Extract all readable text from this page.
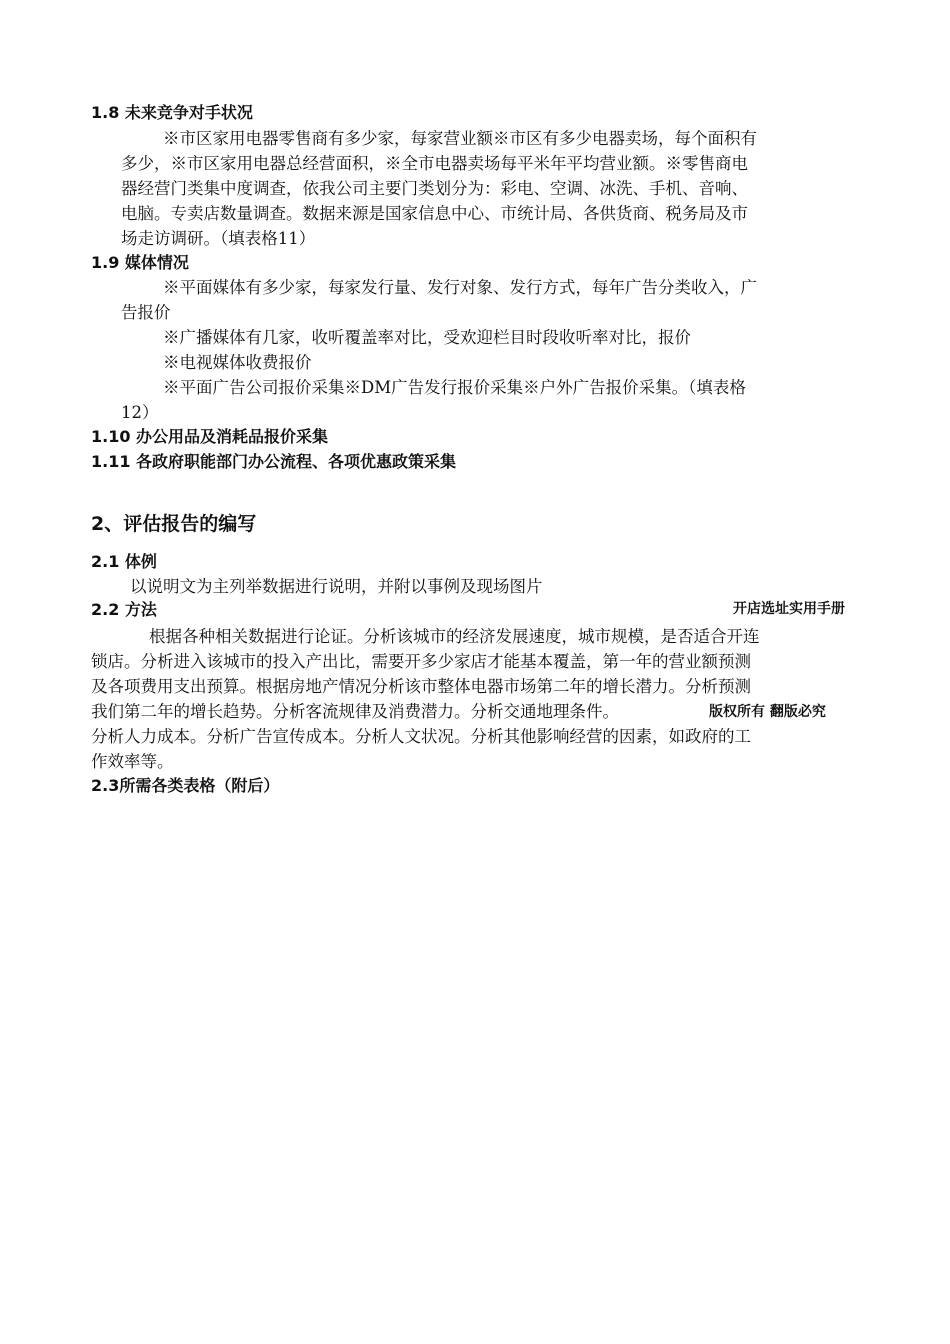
1.8 未来竞争对手状况
※市区家用电器零售商有多少家，每家营业额※市区有多少电器卖场，每个面积有
多少，※市区家用电器总经营面积，※全市电器卖场每平米年平均营业额。※零售商电
器经营门类集中度调查，依我公司主要门类划分为：彩电、空调、冰洗、手机、音响、
电脑。专卖店数量调查。数据来源是国家信息中心、市统计局、各供货商、税务局及市
场走访调研。（填表格11）
1.9 媒体情况
※平面媒体有多少家，每家发行量、发行对象、发行方式，每年广告分类收入，广
告报价
※广播媒体有几家，收听覆盖率对比，受欢迎栏目时段收听率对比，报价
※电视媒体收费报价
※平面广告公司报价采集※DM广告发行报价采集※户外广告报价采集。（填表格
12）
1.10 办公用品及消耗品报价采集
1.11 各政府职能部门办公流程、各项优惠政策采集
2、评估报告的编写
2.1 体例
以说明文为主列举数据进行说明，并附以事例及现场图片
2.2 方法	开店选址实用手册
根据各种相关数据进行论证。分析该城市的经济发展速度，城市规模，是否适合开连
锁店。分析进入该城市的投入产出比，需要开多少家店才能基本覆盖，第一年的营业额预测
及各项费用支出预算。根据房地产情况分析该市整体电器市场第二年的增长潜力。分析预测
我们第二年的增长趋势。分析客流规律及消费潜力。分析交通地理条件。
分析人力成本。分析广告宣传成本。分析人文状况。分析其他影响经营的因素，如政府的工
作效率等。
版权所有 翻版必究
2.3所需各类表格（附后）
